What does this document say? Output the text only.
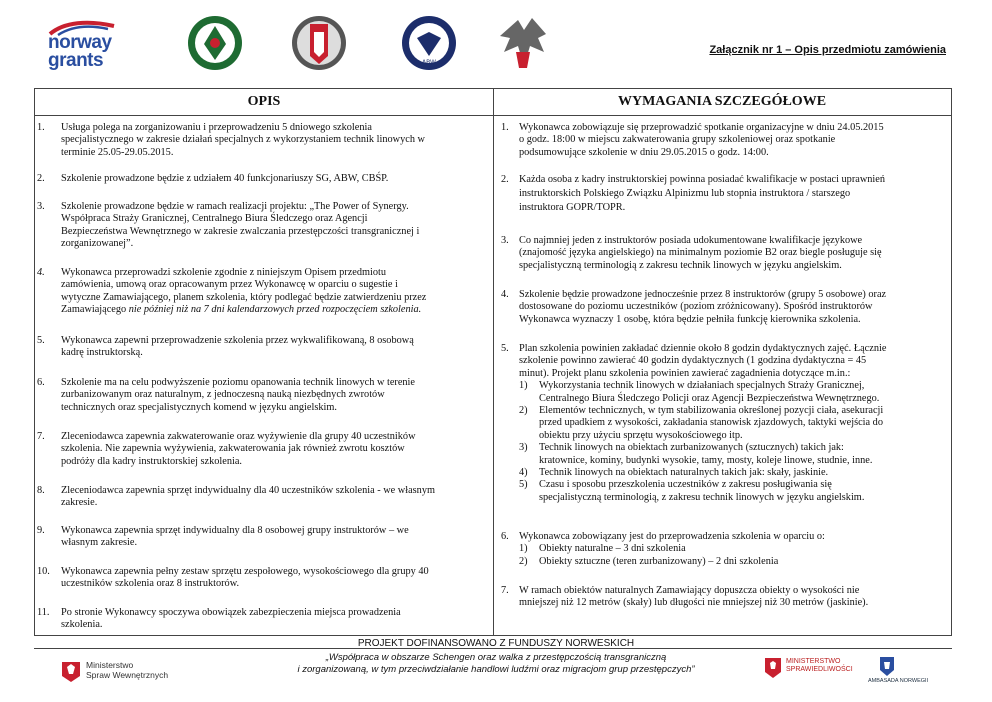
norway
grants	ABW
Załącznik nr 1 – Opis przedmiotu zamówienia
OPIS	WYMAGANIA SZCZEGÓŁOWE
1. Usługa polega na zorganizowaniu i przeprowadzeniu 5 dniowego szkolenia
specjalistycznego w zakresie działań specjalnych z wykorzystaniem technik linowych w
terminie 25.05-29.05.2015.
2. Szkolenie prowadzone będzie z udziałem 40 funkcjonariuszy SG, ABW, CBŚP.
3. Szkolenie prowadzone będzie w ramach realizacji projektu: „The Power of Synergy.
Współpraca Straży Granicznej, Centralnego Biura Śledczego oraz Agencji
Bezpieczeństwa Wewnętrznego w zakresie zwalczania przestępczości transgranicznej i
zorganizowanej”.
4. Wykonawca przeprowadzi szkolenie zgodnie z niniejszym Opisem przedmiotu
zamówienia, umową oraz opracowanym przez Wykonawcę w oparciu o sugestie i
wytyczne Zamawiającego, planem szkolenia, który podlegać będzie zatwierdzeniu przez
Zamawiającego nie później niż na 7 dni kalendarzowych przed rozpoczęciem szkolenia.
5. Wykonawca zapewni przeprowadzenie szkolenia przez wykwalifikowaną, 8 osobową
kadrę instruktorską.
6. Szkolenie ma na celu podwyższenie poziomu opanowania technik linowych w terenie
zurbanizowanym oraz naturalnym, z jednoczesną nauką niezbędnych zwrotów
technicznych oraz specjalistycznych komend w języku angielskim.
7. Zleceniodawca zapewnia zakwaterowanie oraz wyżywienie dla grupy 40 uczestników
szkolenia. Nie zapewnia wyżywienia, zakwaterowania jak również zwrotu kosztów
podróży dla kadry instruktorskiej szkolenia.
8. Zleceniodawca zapewnia sprzęt indywidualny dla 40 uczestników szkolenia - we własnym
zakresie.
9. Wykonawca zapewnia sprzęt indywidualny dla 8 osobowej grupy instruktorów – we
własnym zakresie.
10. Wykonawca zapewnia pełny zestaw sprzętu zespołowego, wysokościowego dla grupy 40
uczestników szkolenia oraz 8 instruktorów.
11. Po stronie Wykonawcy spoczywa obowiązek zabezpieczenia miejsca prowadzenia
szkolenia.
1. Wykonawca zobowiązuje się przeprowadzić spotkanie organizacyjne w dniu 24.05.2015
o godz. 18:00 w miejscu zakwaterowania grupy szkoleniowej oraz spotkanie
podsumowujące szkolenie w dniu 29.05.2015 o godz. 14:00.
2. Każda osoba z kadry instruktorskiej powinna posiadać kwalifikacje w postaci uprawnień
instruktorskich Polskiego Związku Alpinizmu lub stopnia instruktora / starszego
instruktora GOPR/TOPR.
3. Co najmniej jeden z instruktorów posiada udokumentowane kwalifikacje językowe
(znajomość języka angielskiego) na minimalnym poziomie B2 oraz biegle posługuje się
specjalistyczną terminologią z zakresu technik linowych w języku angielskim.
4. Szkolenie będzie prowadzone jednocześnie przez 8 instruktorów (grupy 5 osobowe) oraz
dostosowane do poziomu uczestników (poziom zróżnicowany). Spośród instruktorów
Wykonawca wyznaczy 1 osobę, która będzie pełniła funkcję kierownika szkolenia.
5. Plan szkolenia powinien zakładać dziennie około 8 godzin dydaktycznych zajęć. Łącznie
szkolenie powinno zawierać 40 godzin dydaktycznych (1 godzina dydaktyczna = 45
minut). Projekt planu szkolenia powinien zawierać zagadnienia dotyczące m.in.:
1) Wykorzystania technik linowych w działaniach specjalnych Straży Granicznej,
Centralnego Biura Śledczego Policji oraz Agencji Bezpieczeństwa Wewnętrznego.
2) Elementów technicznych, w tym stabilizowania określonej pozycji ciała, asekuracji
przed upadkiem z wysokości, zakładania stanowisk zjazdowych, taktyki wejścia do
obiektu przy użyciu sprzętu wysokościowego itp.
3) Technik linowych na obiektach zurbanizowanych (sztucznych) takich jak:
kratownice, kominy, budynki wysokie, tamy, mosty, koleje linowe, studnie, inne.
4) Technik linowych na obiektach naturalnych takich jak: skały, jaskinie.
5) Czasu i sposobu przeszkolenia uczestników z zakresu posługiwania się
specjalistyczną terminologią, z zakresu technik linowych w języku angielskim.
6. Wykonawca zobowiązany jest do przeprowadzenia szkolenia w oparciu o:
1) Obiekty naturalne – 3 dni szkolenia
2) Obiekty sztuczne (teren zurbanizowany) – 2 dni szkolenia
7. W ramach obiektów naturalnych Zamawiający dopuszcza obiekty o wysokości nie
mniejszej niż 12 metrów (skały) lub długości nie mniejszej niż 30 metrów (jaskinie).
PROJEKT DOFINANSOWANO Z FUNDUSZY NORWESKICH
„Współpraca w obszarze Schengen oraz walka z przestępczością transgraniczną
i zorganizowaną, w tym przeciwdziałanie handlowi ludźmi oraz migracjom grup przestępczych”
Ministerstwo
Spraw Wewnętrznych
MINISTERSTWO
SPRAWIEDLIWOŚCI
AMBASADA NORWEGII
